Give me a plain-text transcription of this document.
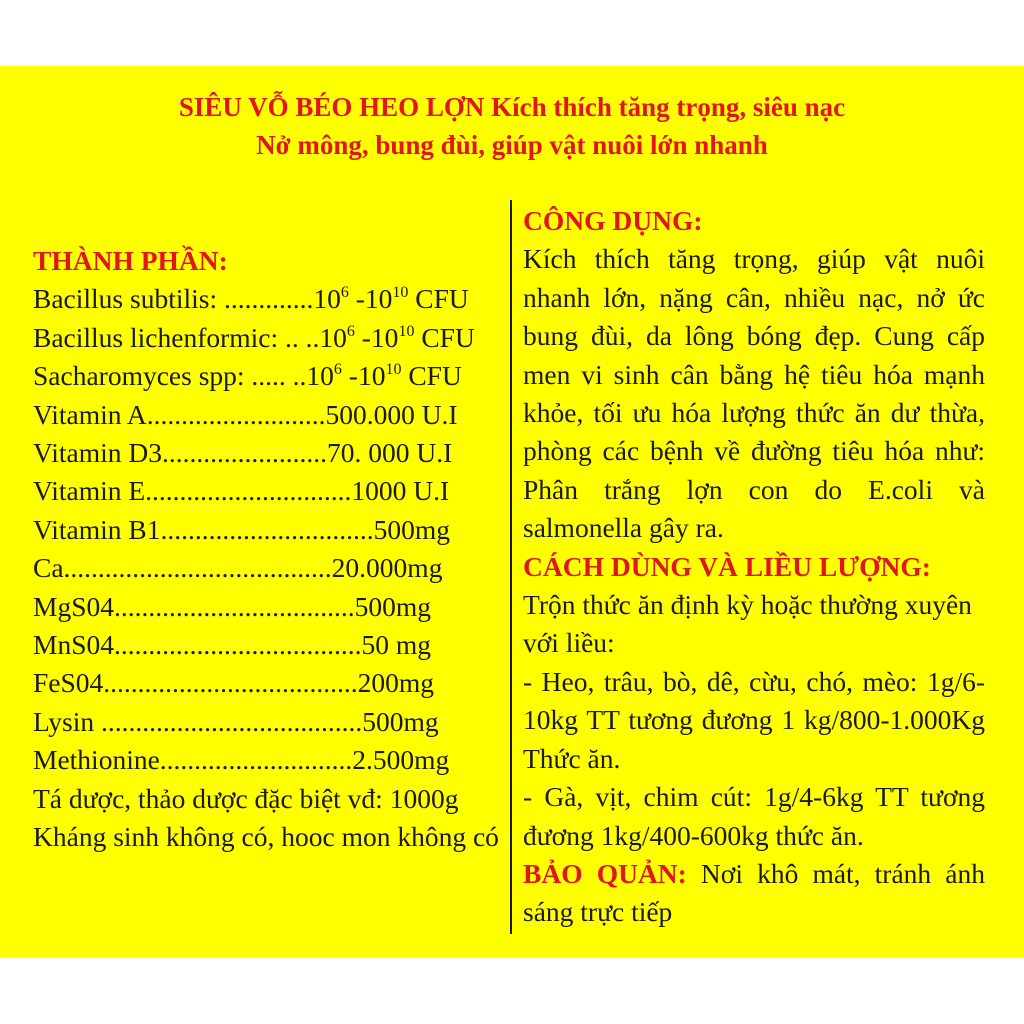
SIÊU VỖ BÉO HEO LỢN Kích thích tăng trọng, siêu nạc
Nở mông, bung đùi, giúp vật nuôi lớn nhanh
THÀNH PHẦN:
Bacillus subtilis: .............10$^6$ $-10^{10}$ CFU
Bacillus lichenformic: .. ..10$^6$ $-10^{10}$ CFU
Sacharomyces spp: ..... ..10$^6$ $-10^{10}$ CFU
Vitamin A..........................500.000 U.I
Vitamin D3........................70. 000 U.I
Vitamin E..............................1000 U.I
Vitamin B1...............................500mg
Ca.......................................20.000mg
MgS04...................................500mg
MnS04....................................50 mg
FeS04.....................................200mg
Lysin ......................................500mg
Methionine............................2.500mg
Tá dược, thảo dược đặc biệt vđ: 1000g
Kháng sinh không có, hooc mon không có
CÔNG DỤNG:
Kích thích tăng trọng, giúp vật nuôi nhanh lớn, nặng cân, nhiều nạc, nở ức bung đùi, da lông bóng đẹp. Cung cấp men vi sinh cân bằng hệ tiêu hóa mạnh khỏe, tối ưu hóa lượng thức ăn dư thừa, phòng các bệnh về đường tiêu hóa như: Phân trắng lợn con do E.coli và salmonella gây ra.
CÁCH DÙNG VÀ LIỀU LƯỢNG:
Trộn thức ăn định kỳ hoặc thường xuyên với liều:
- Heo, trâu, bò, dê, cừu, chó, mèo: 1g/6-10kg TT tương đương 1 kg/800-1.000Kg Thức ăn.
- Gà, vịt, chim cút: 1g/4-6kg TT tương đương 1kg/400-600kg thức ăn.
BẢO QUẢN: Nơi khô mát, tránh ánh sáng trực tiếp
